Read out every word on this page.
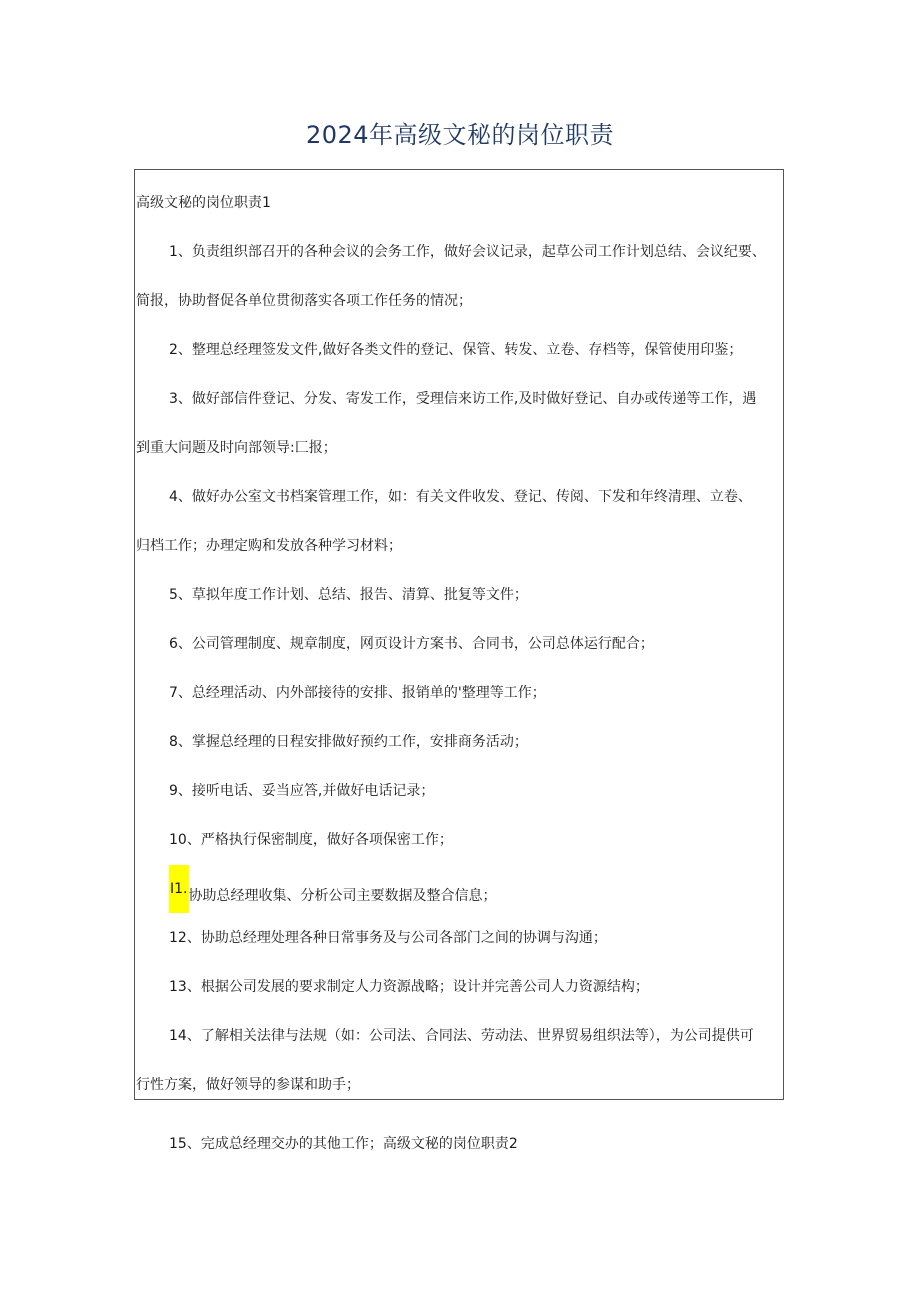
2024年高级文秘的岗位职责
高级文秘的岗位职责1
1、负责组织部召开的各种会议的会务工作，做好会议记录，起草公司工作计划总结、会议纪要、
简报，协助督促各单位贯彻落实各项工作任务的情况；
2、整理总经理签发文件,做好各类文件的登记、保管、转发、立卷、存档等，保管使用印鉴；
3、做好部信件登记、分发、寄发工作，受理信来访工作,及时做好登记、自办或传递等工作，遇
到重大问题及时向部领导:匚报；
4、做好办公室文书档案管理工作，如：有关文件收发、登记、传阅、下发和年终清理、立卷、
归档工作；办理定购和发放各种学习材料；
5、草拟年度工作计划、总结、报告、清算、批复等文件；
6、公司管理制度、规章制度，网页设计方案书、合同书，公司总体运行配合；
7、总经理活动、内外部接待的安排、报销单的'整理等工作；
8、掌握总经理的日程安排做好预约工作，安排商务活动；
9、接听电话、妥当应答,并做好电话记录；
10、严格执行保密制度，做好各项保密工作；
I1.协助总经理收集、分析公司主要数据及整合信息；
12、协助总经理处理各种日常事务及与公司各部门之间的协调与沟通；
13、根据公司发展的要求制定人力资源战略；设计并完善公司人力资源结构；
14、了解相关法律与法规（如：公司法、合同法、劳动法、世界贸易组织法等），为公司提供可
行性方案，做好领导的参谋和助手；
15、完成总经理交办的其他工作；高级文秘的岗位职责2
